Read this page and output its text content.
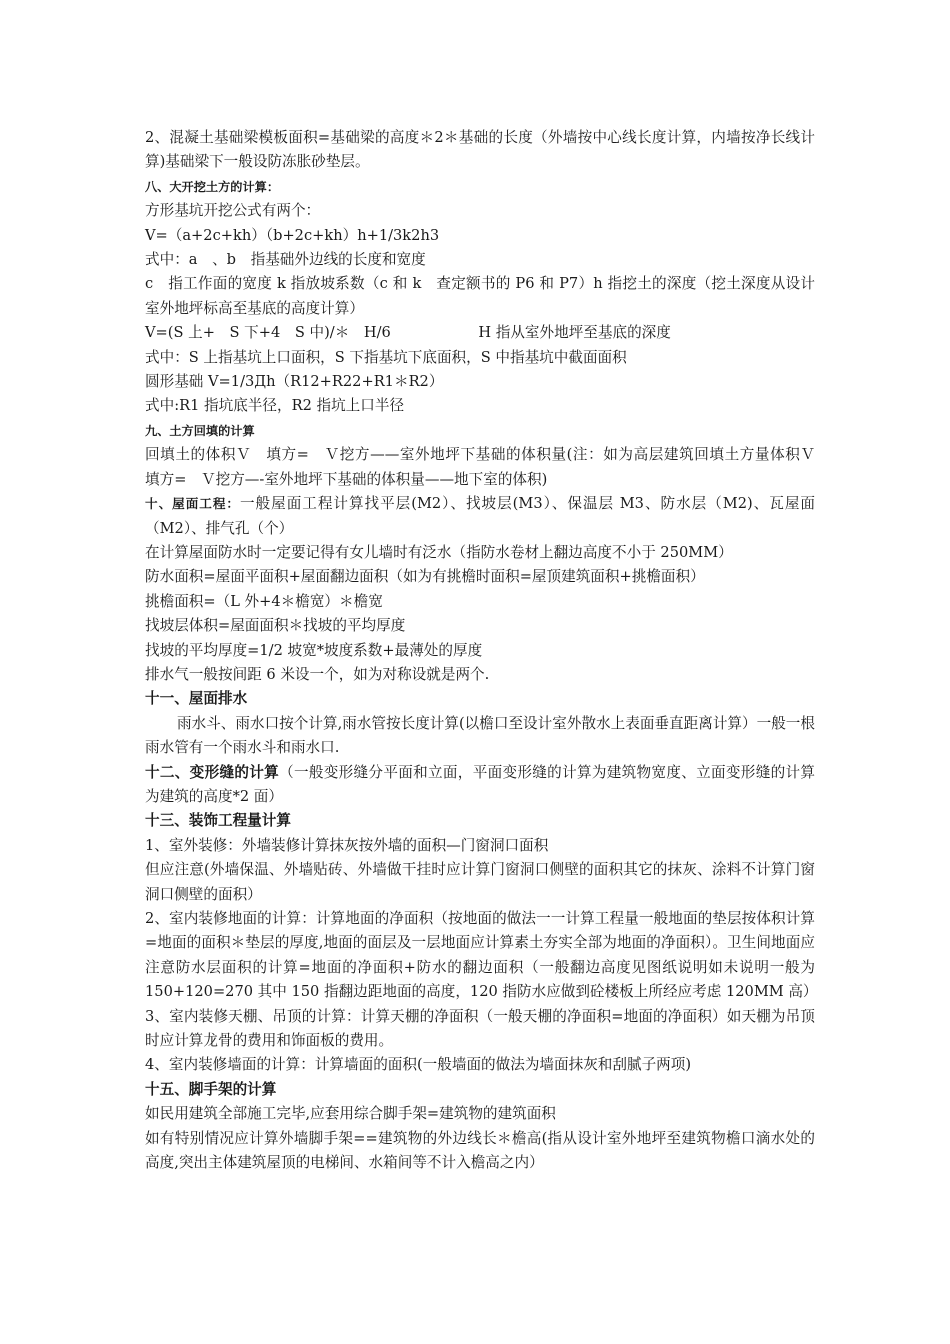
2、混凝土基础梁模板面积=基础梁的高度＊2＊基础的长度（外墙按中心线长度计算，内墙按净长线计算)基础梁下一般设防冻胀砂垫层。
八、大开挖土方的计算：
方形基坑开挖公式有两个：
V=（a+2c+kh）（b+2c+kh）h+1/3k2h3
式中：a　、b　指基础外边线的长度和宽度
c　指工作面的宽度 k 指放坡系数（c 和 k　查定额书的 P6 和 P7）h 指挖土的深度（挖土深度从设计室外地坪标高至基底的高度计算）
V=(S 上+　S 下+4　S 中)/＊　H/6　　　　　　H 指从室外地坪至基底的深度
式中：S 上指基坑上口面积，S 下指基坑下底面积，S 中指基坑中截面面积
圆形基础 V=1/3Дh（R12+R22+R1＊R2）
式中:R1 指坑底半径，R2 指坑上口半径
九、土方回填的计算
回填土的体积Ｖ　填方=　Ｖ挖方——室外地坪下基础的体积量(注：如为高层建筑回填土方量体积Ｖ　填方=　Ｖ挖方—-室外地坪下基础的体积量——地下室的体积)
十、屋面工程：一般屋面工程计算找平层(M2）、找坡层(M3）、保温层 M3、防水层（M2)、瓦屋面（M2）、排气孔（个）
在计算屋面防水时一定要记得有女儿墙时有泛水（指防水卷材上翻边高度不小于 250MM）
防水面积=屋面平面积+屋面翻边面积（如为有挑檐时面积=屋顶建筑面积+挑檐面积）
挑檐面积=（L 外+4＊檐宽）＊檐宽
找坡层体积=屋面面积＊找坡的平均厚度
找坡的平均厚度=1/2 坡宽*坡度系数+最薄处的厚度
排水气一般按间距 6 米设一个，如为对称设就是两个.
十一、屋面排水
雨水斗、雨水口按个计算,雨水管按长度计算(以檐口至设计室外散水上表面垂直距离计算）一般一根雨水管有一个雨水斗和雨水口.
十二、变形缝的计算（一般变形缝分平面和立面，平面变形缝的计算为建筑物宽度、立面变形缝的计算为建筑的高度*2 面）
十三、装饰工程量计算
1、室外装修：外墙装修计算抹灰按外墙的面积—门窗洞口面积
但应注意(外墙保温、外墙贴砖、外墙做干挂时应计算门窗洞口侧壁的面积其它的抹灰、涂料不计算门窗洞口侧壁的面积）
2、室内装修地面的计算：计算地面的净面积（按地面的做法一一计算工程量一般地面的垫层按体积计算=地面的面积＊垫层的厚度,地面的面层及一层地面应计算素土夯实全部为地面的净面积）。卫生间地面应注意防水层面积的计算=地面的净面积+防水的翻边面积（一般翻边高度见图纸说明如未说明一般为 150+120=270 其中 150 指翻边距地面的高度，120 指防水应做到砼楼板上所经应考虑 120MM 高）
3、室内装修天棚、吊顶的计算：计算天棚的净面积（一般天棚的净面积=地面的净面积）如天棚为吊顶时应计算龙骨的费用和饰面板的费用。
4、室内装修墙面的计算：计算墙面的面积(一般墙面的做法为墙面抹灰和刮腻子两项)
十五、脚手架的计算
如民用建筑全部施工完毕,应套用综合脚手架=建筑物的建筑面积
如有特别情况应计算外墙脚手架==建筑物的外边线长＊檐高(指从设计室外地坪至建筑物檐口滴水处的高度,突出主体建筑屋顶的电梯间、水箱间等不计入檐高之内）
